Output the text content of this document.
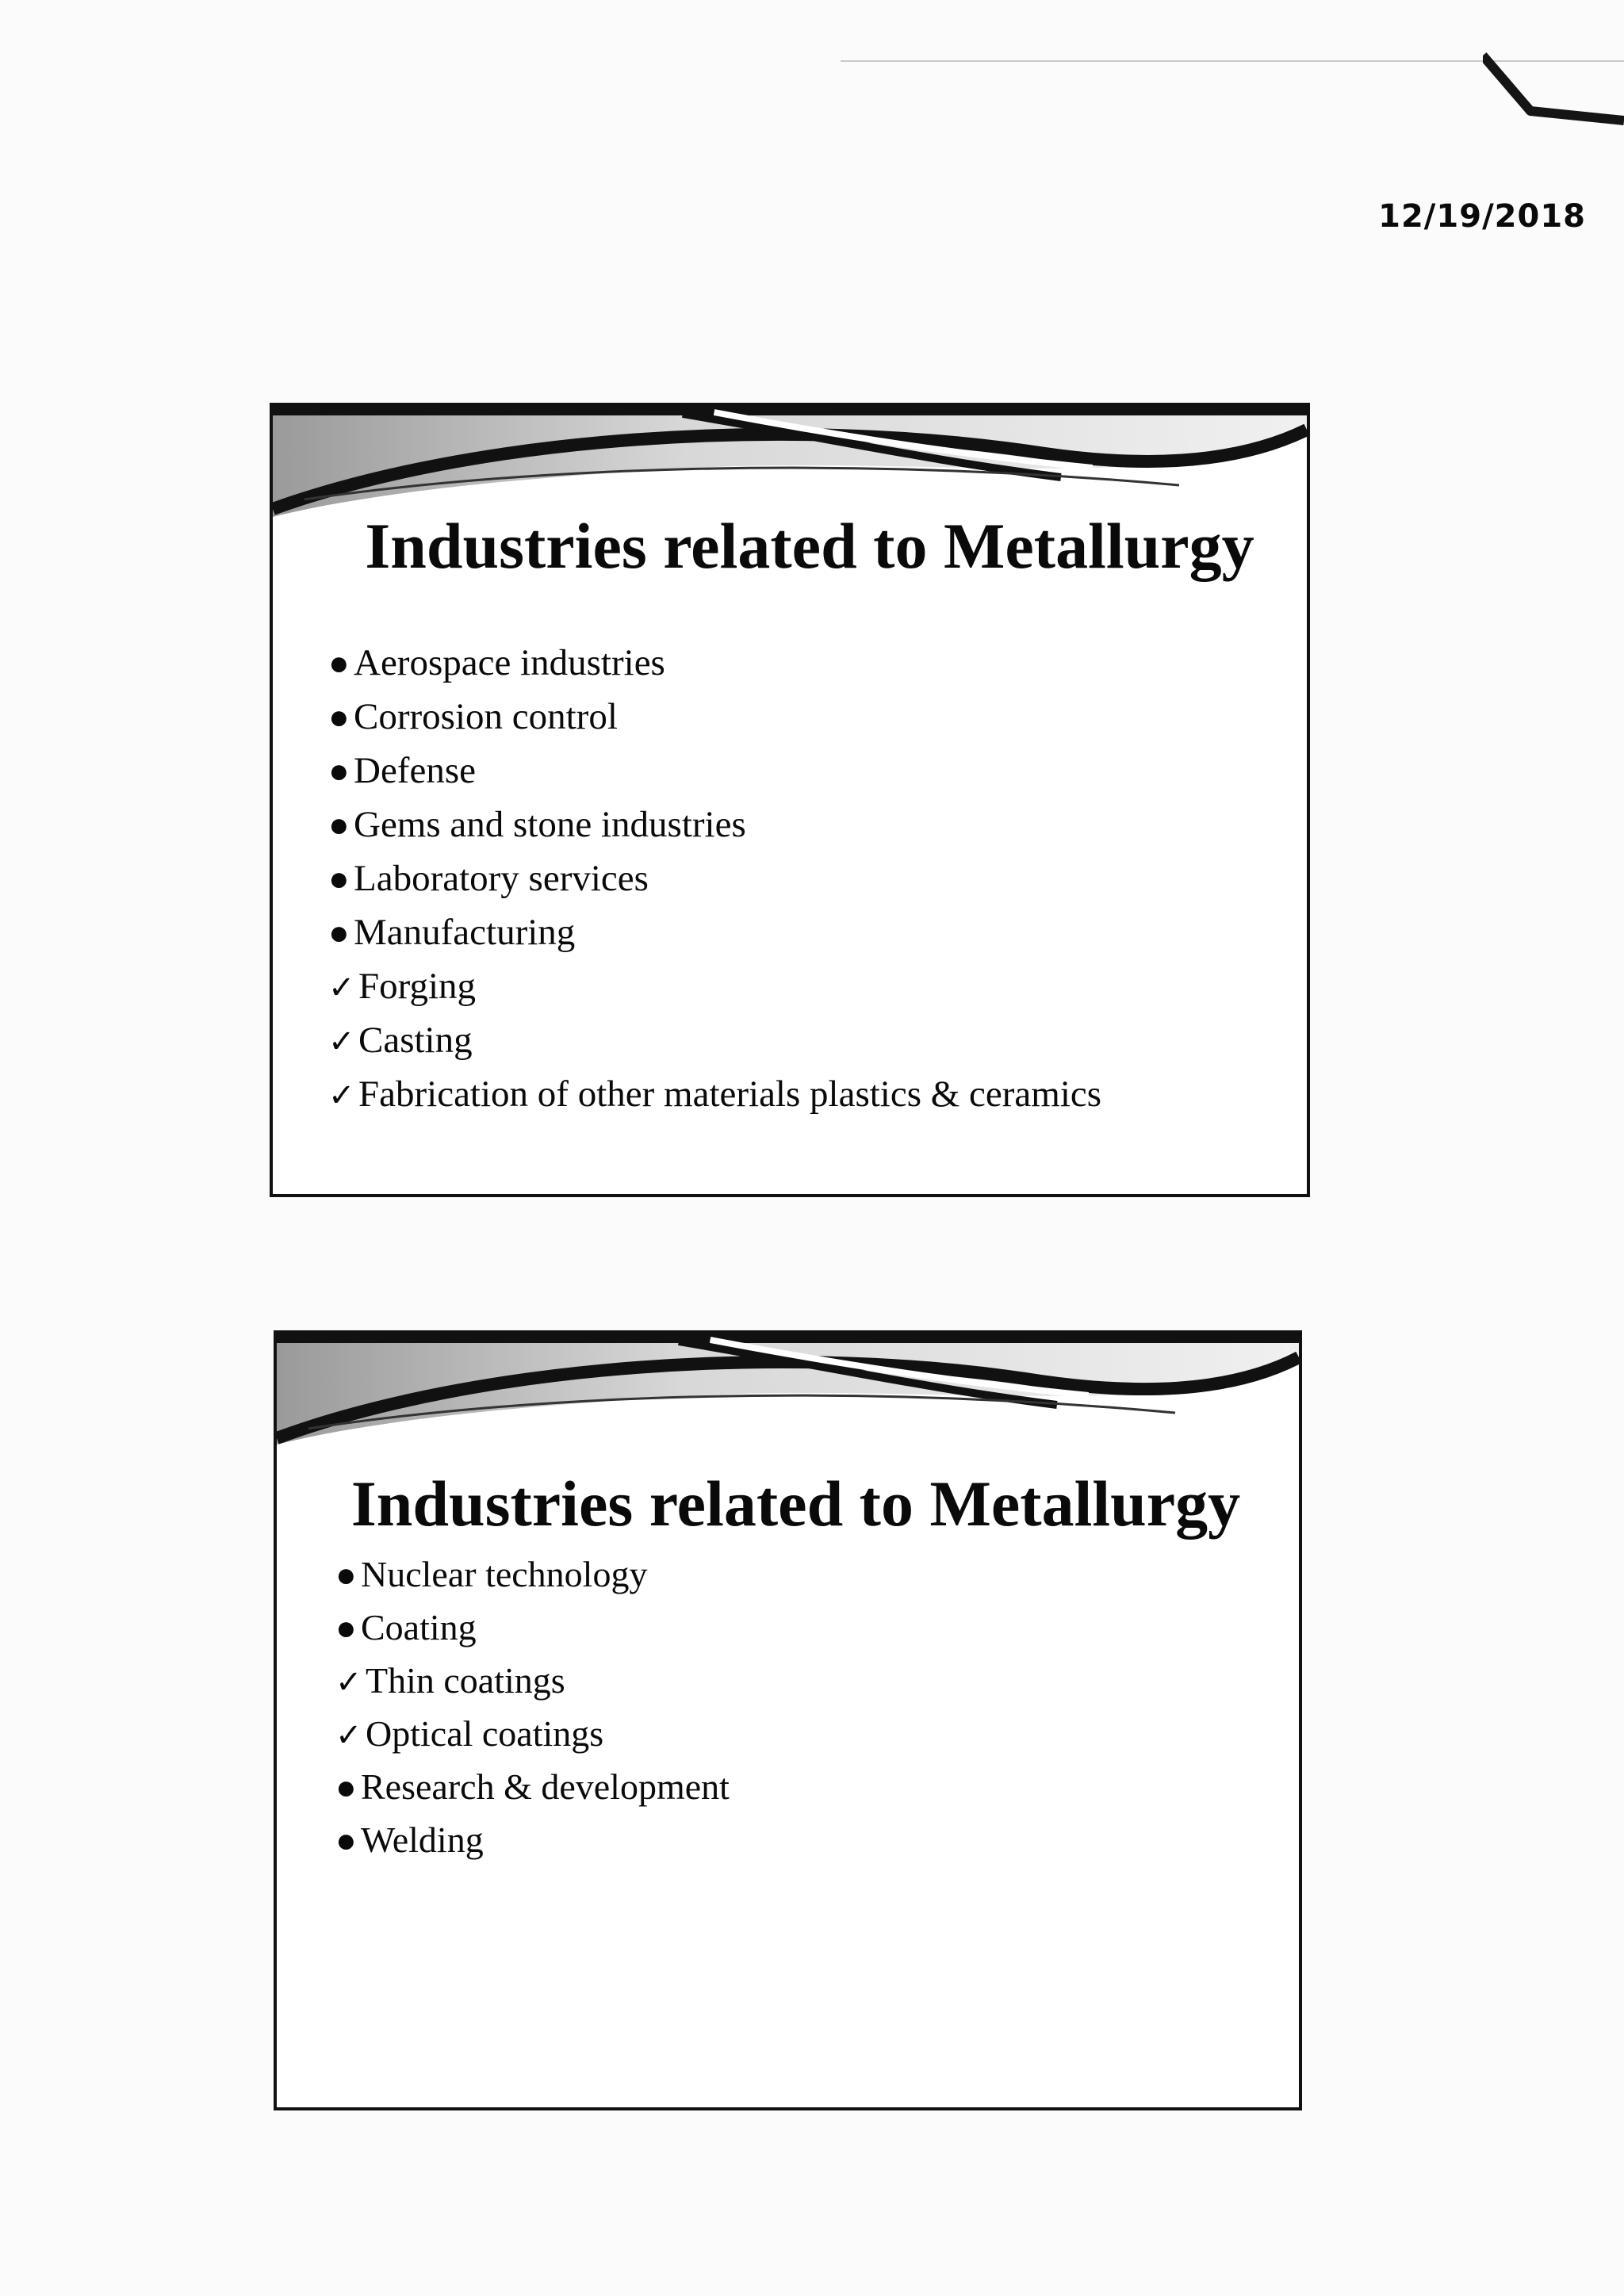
12/19/2018
Industries related to Metallurgy
● Aerospace industries
● Corrosion control
● Defense
● Gems and stone industries
● Laboratory services
● Manufacturing
✓Forging
✓Casting
✓Fabrication of other materials plastics & ceramics
Industries related to Metallurgy
● Nuclear technology
● Coating
✓Thin coatings
✓Optical coatings
● Research & development
● Welding
